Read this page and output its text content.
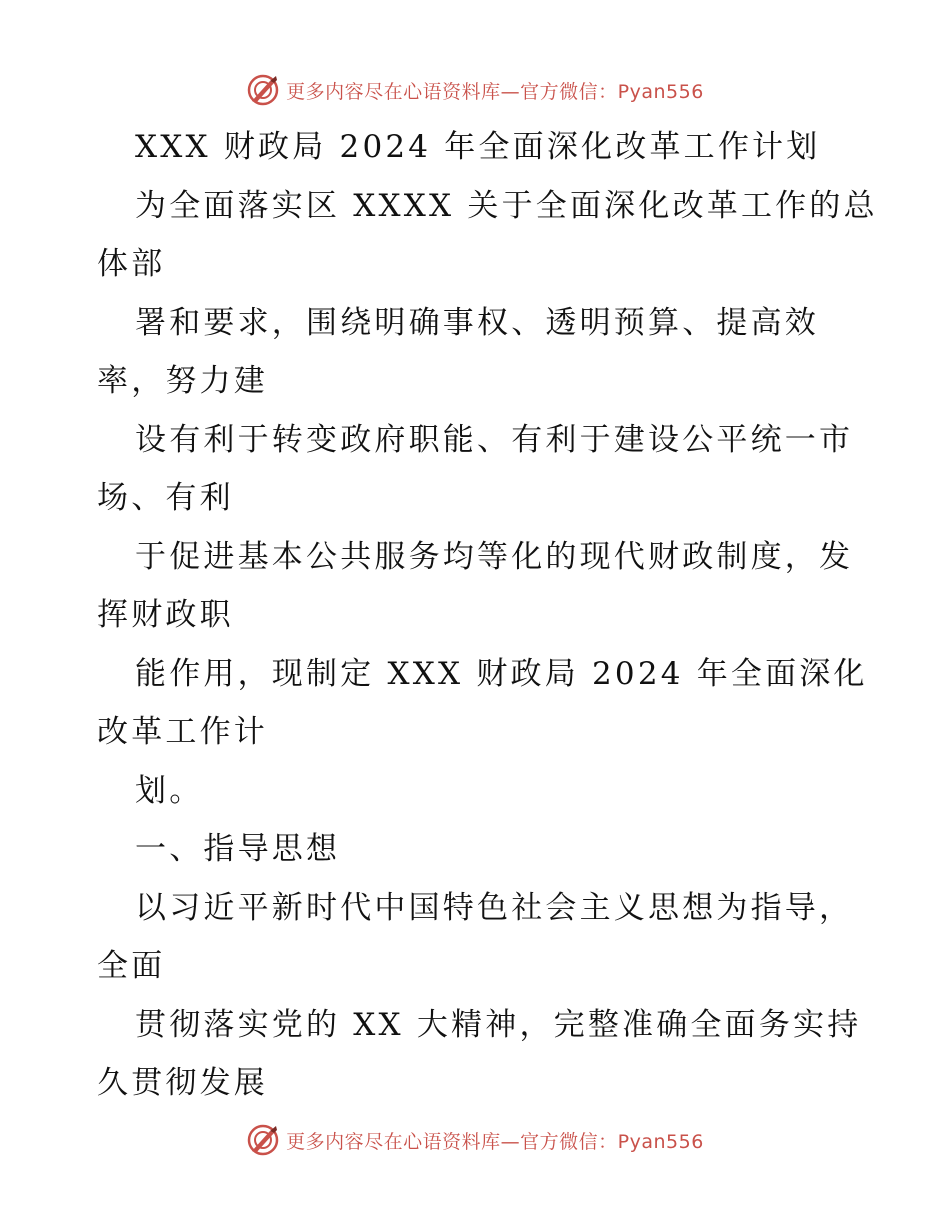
更多内容尽在心语资料库—官方微信：Pyan556
XXX 财政局 2024 年全面深化改革工作计划
为全面落实区 XXXX 关于全面深化改革工作的总
体部
署和要求，围绕明确事权、透明预算、提高效
率，努力建
设有利于转变政府职能、有利于建设公平统一市
场、有利
于促进基本公共服务均等化的现代财政制度，发
挥财政职
能作用，现制定 XXX 财政局 2024 年全面深化
改革工作计
划。
一、指导思想
以习近平新时代中国特色社会主义思想为指导，
全面
贯彻落实党的 XX 大精神，完整准确全面务实持
久贯彻发展
更多内容尽在心语资料库—官方微信：Pyan556
